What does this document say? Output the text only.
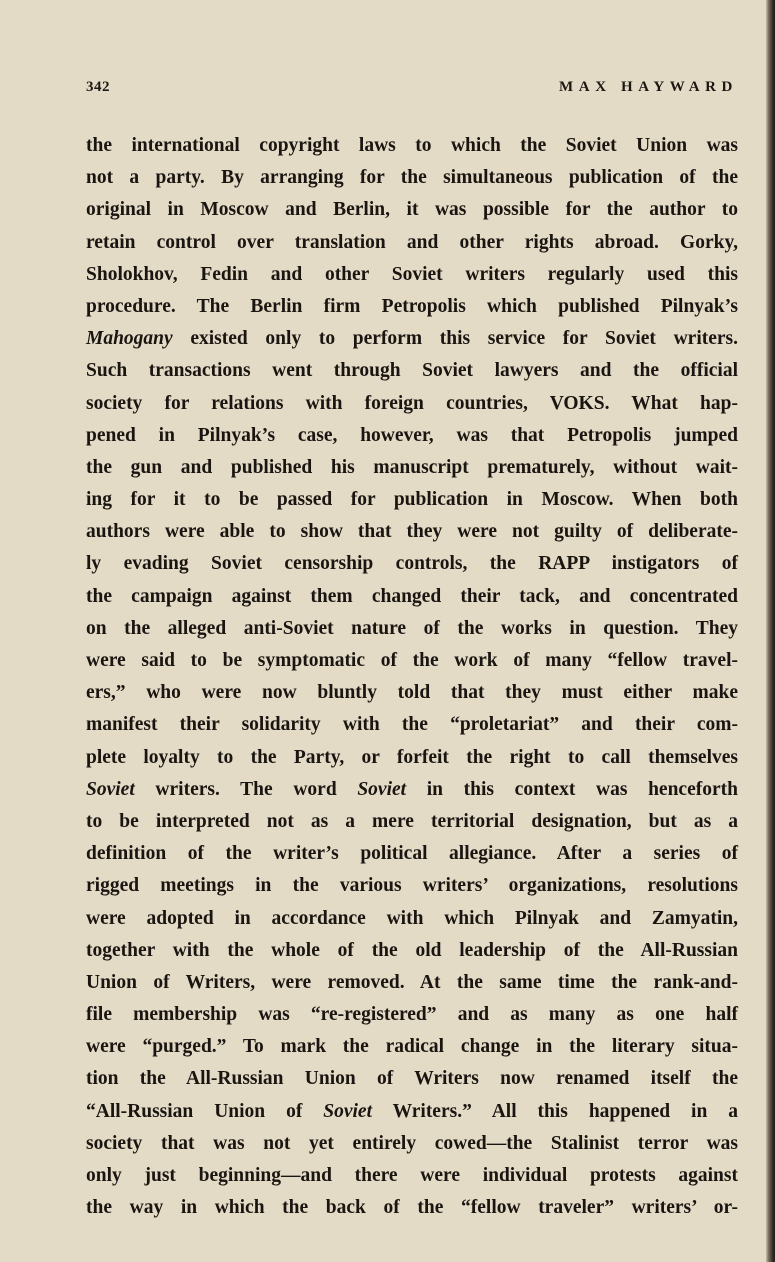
342	MAX HAYWARD
the international copyright laws to which the Soviet Union was
not a party. By arranging for the simultaneous publication of the
original in Moscow and Berlin, it was possible for the author to
retain control over translation and other rights abroad. Gorky,
Sholokhov, Fedin and other Soviet writers regularly used this
procedure. The Berlin firm Petropolis which published Pilnyak’s
Mahogany existed only to perform this service for Soviet writers.
Such transactions went through Soviet lawyers and the official
society for relations with foreign countries, VOKS. What hap-
pened in Pilnyak’s case, however, was that Petropolis jumped
the gun and published his manuscript prematurely, without wait-
ing for it to be passed for publication in Moscow. When both
authors were able to show that they were not guilty of deliberate-
ly evading Soviet censorship controls, the RAPP instigators of
the campaign against them changed their tack, and concentrated
on the alleged anti-Soviet nature of the works in question. They
were said to be symptomatic of the work of many “fellow travel-
ers,” who were now bluntly told that they must either make
manifest their solidarity with the “proletariat” and their com-
plete loyalty to the Party, or forfeit the right to call themselves
Soviet writers. The word Soviet in this context was henceforth
to be interpreted not as a mere territorial designation, but as a
definition of the writer’s political allegiance. After a series of
rigged meetings in the various writers’ organizations, resolutions
were adopted in accordance with which Pilnyak and Zamyatin,
together with the whole of the old leadership of the All-Russian
Union of Writers, were removed. At the same time the rank-and-
file membership was “re-registered” and as many as one half
were “purged.” To mark the radical change in the literary situa-
tion the All-Russian Union of Writers now renamed itself the
“All-Russian Union of Soviet Writers.” All this happened in a
society that was not yet entirely cowed—the Stalinist terror was
only just beginning—and there were individual protests against
the way in which the back of the “fellow traveler” writers’ or-
